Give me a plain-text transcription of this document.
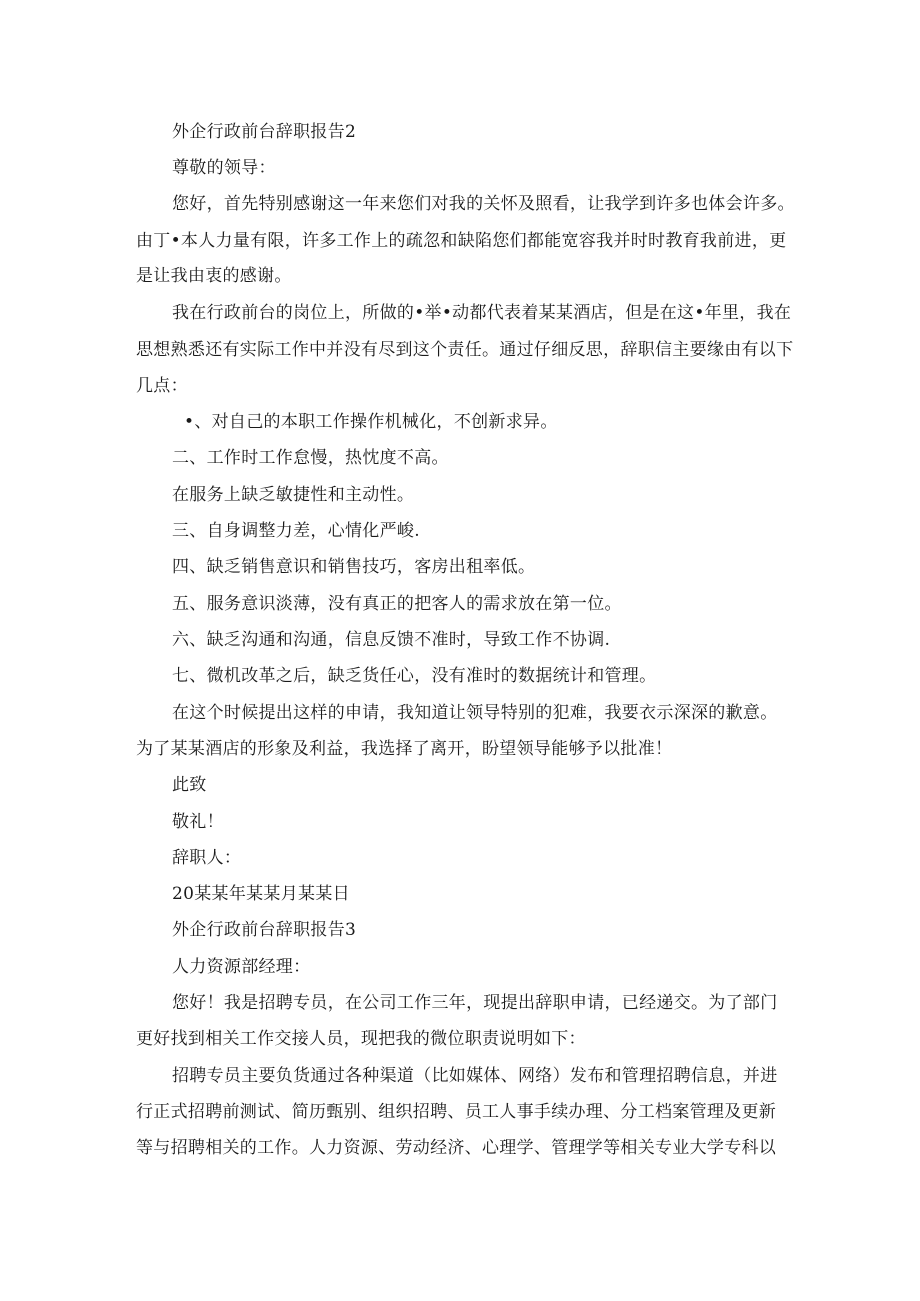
外企行政前台辞职报告2
尊敬的领导：
您好，首先特别感谢这一年来您们对我的关怀及照看，让我学到许多也体会许多。
由丁•本人力量有限，许多工作上的疏忽和缺陷您们都能宽容我并时时教育我前进，更
是让我由衷的感谢。
我在行政前台的岗位上，所做的•举•动都代表着某某酒店，但是在这•年里，我在
思想熟悉还有实际工作中并没有尽到这个责任。通过仔细反思，辞职信主要缘由有以下
几点：
•、对自己的本职工作操作机械化，不创新求异。
二、工作时工作怠慢，热忱度不高。
在服务上缺乏敏捷性和主动性。
三、自身调整力差，心情化严峻.
四、缺乏销售意识和销售技巧，客房出租率低。
五、服务意识淡薄，没有真正的把客人的需求放在第一位。
六、缺乏沟通和沟通，信息反馈不准时，导致工作不协调.
七、微机改革之后，缺乏货任心，没有准时的数据统计和管理。
在这个时候提出这样的申请，我知道让领导特别的犯难，我要衣示深深的歉意。
为了某某酒店的形象及利益，我选择了离开，盼望领导能够予以批准！
此致
敬礼！
辞职人：
20某某年某某月某某日
外企行政前台辞职报告3
人力资源部经理：
您好！我是招聘专员，在公司工作三年，现提出辞职申请，已经递交。为了部门
更好找到相关工作交接人员，现把我的微位职责说明如下：
招聘专员主要负货通过各种渠道（比如媒体、网络）发布和管理招聘信息，并进
行正式招聘前测试、简历甄别、组织招聘、员工人事手续办理、分工档案管理及更新
等与招聘相关的工作。人力资源、劳动经济、心理学、管理学等相关专业大学专科以
